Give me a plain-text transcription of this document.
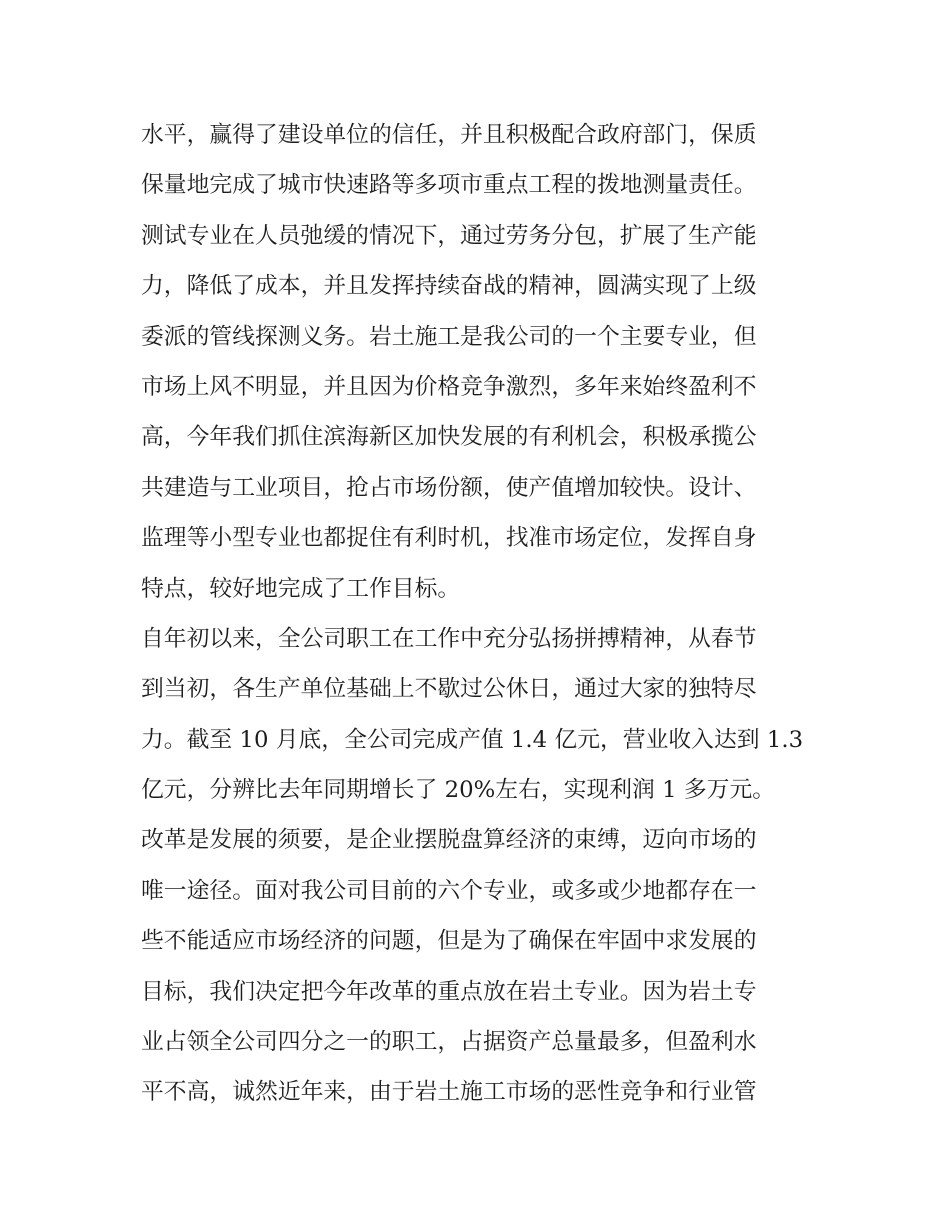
水平，赢得了建设单位的信任，并且积极配合政府部门，保质
保量地完成了城市快速路等多项市重点工程的拨地测量责任。
测试专业在人员弛缓的情况下，通过劳务分包，扩展了生产能
力，降低了成本，并且发挥持续奋战的精神，圆满实现了上级
委派的管线探测义务。岩土施工是我公司的一个主要专业，但
市场上风不明显，并且因为价格竞争激烈，多年来始终盈利不
高，今年我们抓住滨海新区加快发展的有利机会，积极承揽公
共建造与工业项目，抢占市场份额，使产值增加较快。设计、
监理等小型专业也都捉住有利时机，找准市场定位，发挥自身
特点，较好地完成了工作目标。
自年初以来，全公司职工在工作中充分弘扬拼搏精神，从春节
到当初，各生产单位基础上不歇过公休日，通过大家的独特尽
力。截至 10 月底，全公司完成产值 1.4 亿元，营业收入达到 1.3
亿元，分辨比去年同期增长了 20%左右，实现利润 1 多万元。
改革是发展的须要，是企业摆脱盘算经济的束缚，迈向市场的
唯一途径。面对我公司目前的六个专业，或多或少地都存在一
些不能适应市场经济的问题，但是为了确保在牢固中求发展的
目标，我们决定把今年改革的重点放在岩土专业。因为岩土专
业占领全公司四分之一的职工，占据资产总量最多，但盈利水
平不高，诚然近年来，由于岩土施工市场的恶性竞争和行业管
